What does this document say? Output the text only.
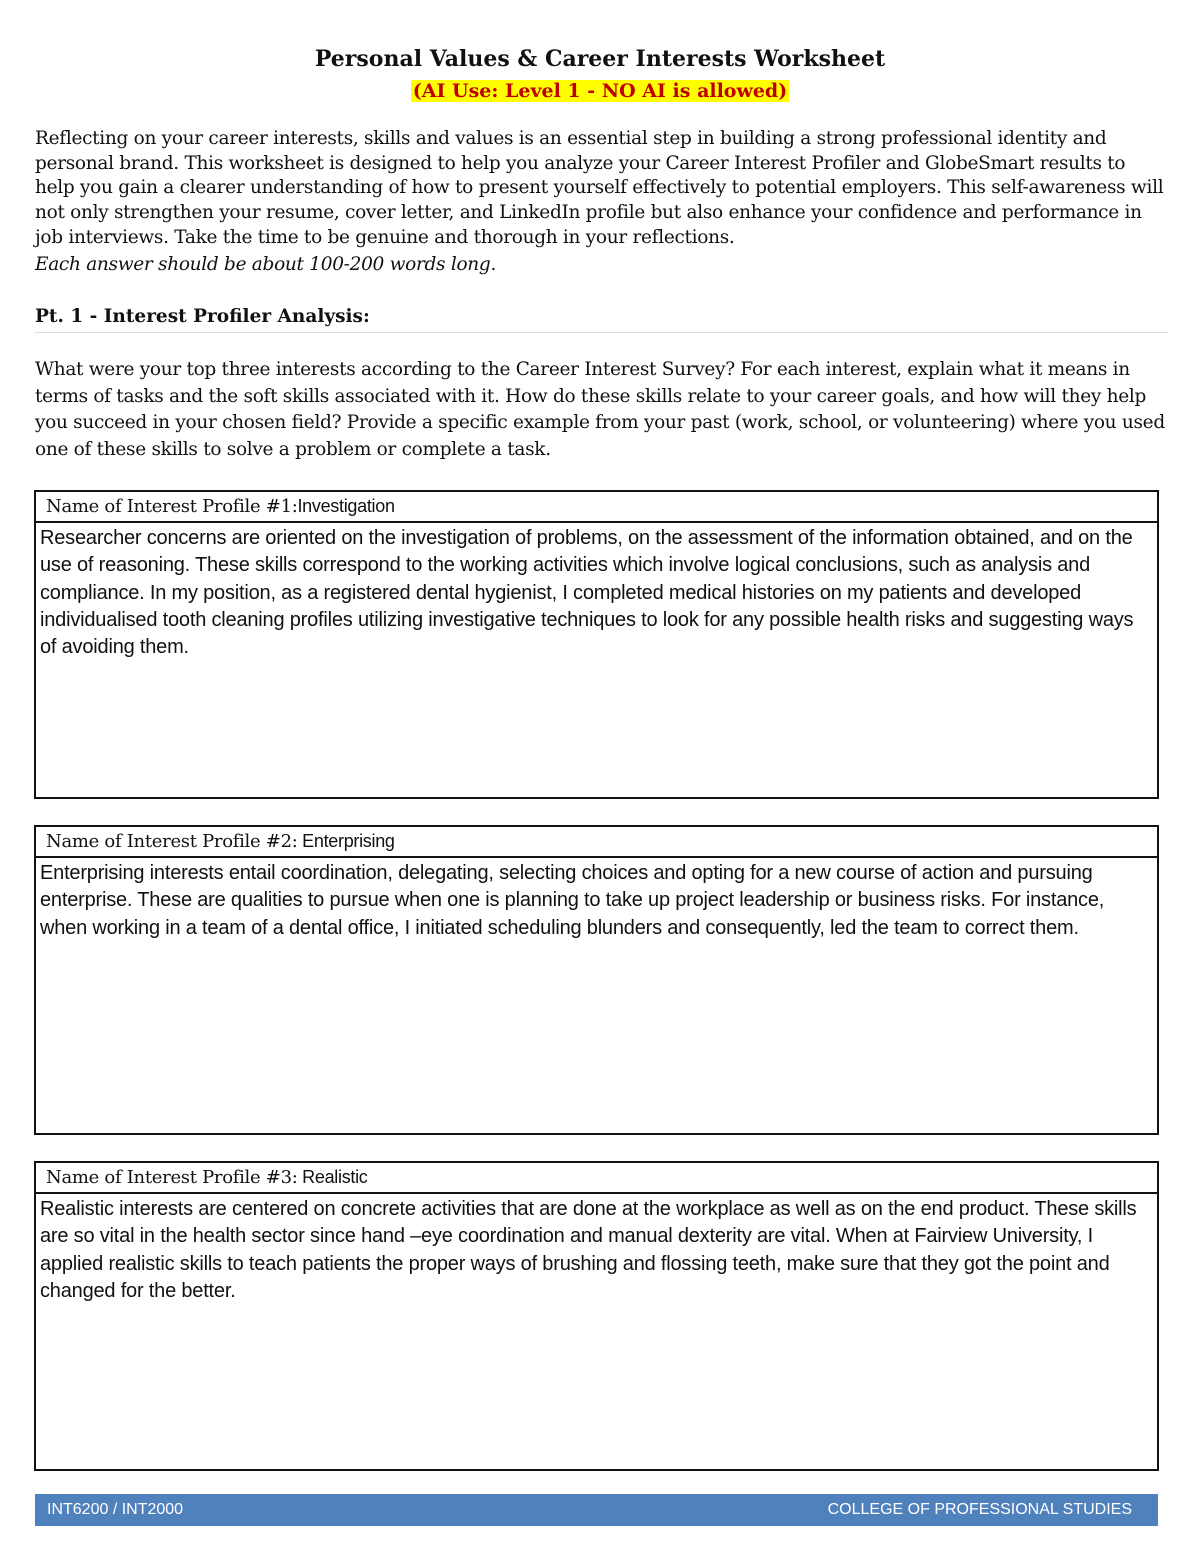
Personal Values & Career Interests Worksheet
(AI Use: Level 1 - NO AI is allowed)
Reflecting on your career interests, skills and values is an essential step in building a strong professional identity and personal brand. This worksheet is designed to help you analyze your Career Interest Profiler and GlobeSmart results to help you gain a clearer understanding of how to present yourself effectively to potential employers. This self-awareness will not only strengthen your resume, cover letter, and LinkedIn profile but also enhance your confidence and performance in job interviews. Take the time to be genuine and thorough in your reflections.
Each answer should be about 100-200 words long.
Pt. 1 - Interest Profiler Analysis:
What were your top three interests according to the Career Interest Survey? For each interest, explain what it means in terms of tasks and the soft skills associated with it. How do these skills relate to your career goals, and how will they help you succeed in your chosen field? Provide a specific example from your past (work, school, or volunteering) where you used one of these skills to solve a problem or complete a task.
Name of Interest Profile #1:Investigation
Researcher concerns are oriented on the investigation of problems, on the assessment of the information obtained, and on the use of reasoning. These skills correspond to the working activities which involve logical conclusions, such as analysis and compliance. In my position, as a registered dental hygienist, I completed medical histories on my patients and developed individualised tooth cleaning profiles utilizing investigative techniques to look for any possible health risks and suggesting ways of avoiding them.
Name of Interest Profile #2: Enterprising
Enterprising interests entail coordination, delegating, selecting choices and opting for a new course of action and pursuing enterprise. These are qualities to pursue when one is planning to take up project leadership or business risks. For instance, when working in a team of a dental office, I initiated scheduling blunders and consequently, led the team to correct them.
Name of Interest Profile #3: Realistic
Realistic interests are centered on concrete activities that are done at the workplace as well as on the end product. These skills are so vital in the health sector since hand –eye coordination and manual dexterity are vital. When at Fairview University, I applied realistic skills to teach patients the proper ways of brushing and flossing teeth, make sure that they got the point and changed for the better.
INT6200 / INT2000	COLLEGE OF PROFESSIONAL STUDIES
